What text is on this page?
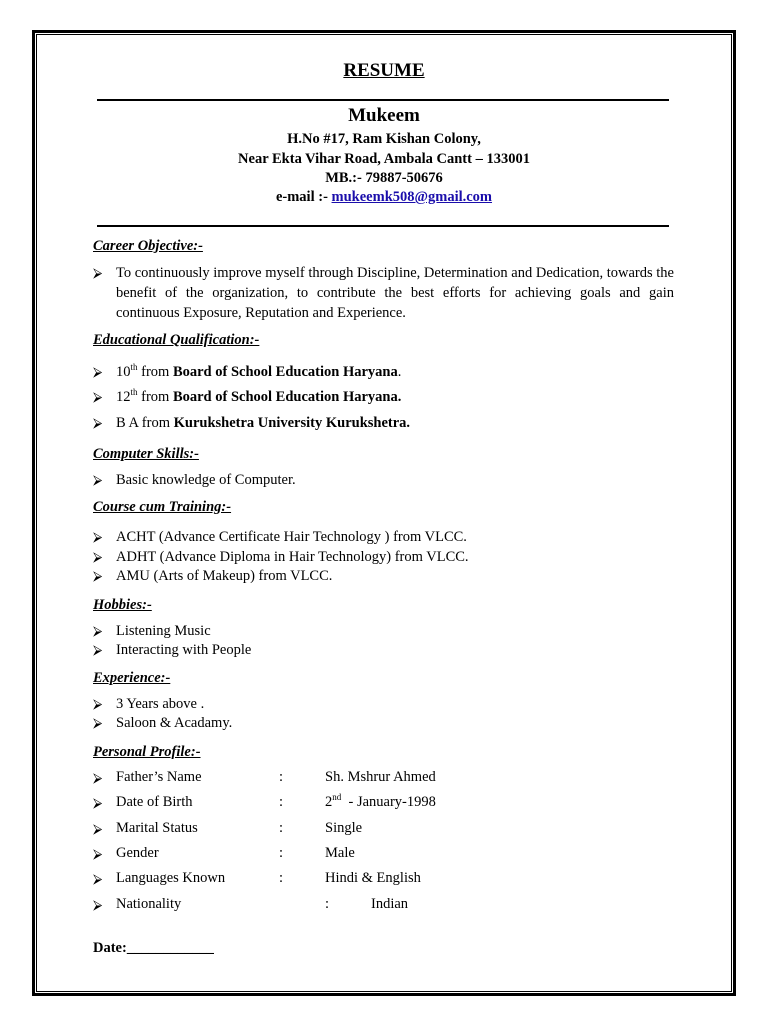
RESUME
Mukeem
H.No #17, Ram Kishan Colony,
Near Ekta Vihar Road, Ambala Cantt – 133001
MB.:- 79887-50676
e-mail :- mukeemk508@gmail.com
Career Objective:-
⮚ To continuously improve myself through Discipline, Determination and Dedication, towards the benefit of the organization, to contribute the best efforts for achieving goals and gain continuous Exposure, Reputation and Experience.
Educational Qualification:-
⮚ 10th from Board of School Education Haryana.
⮚ 12th from Board of School Education Haryana.
⮚ B A from Kurukshetra University Kurukshetra.
Computer Skills:-
⮚ Basic knowledge of Computer.
Course cum Training:-
⮚ ACHT (Advance Certificate Hair Technology ) from VLCC.
⮚ ADHT (Advance Diploma in Hair Technology) from VLCC.
⮚ AMU (Arts of Makeup) from VLCC.
Hobbies:-
⮚ Listening Music
⮚ Interacting with People
Experience:-
⮚ 3 Years above .
⮚ Saloon & Acadamy.
Personal Profile:-
⮚ Father’s Name	:	Sh. Mshrur Ahmed
⮚ Date of Birth	:	2nd  - January-1998
⮚ Marital Status	:	Single
⮚ Gender	:	Male
⮚ Languages Known	:	Hindi & English
⮚ Nationality	:	Indian
Date:____________
